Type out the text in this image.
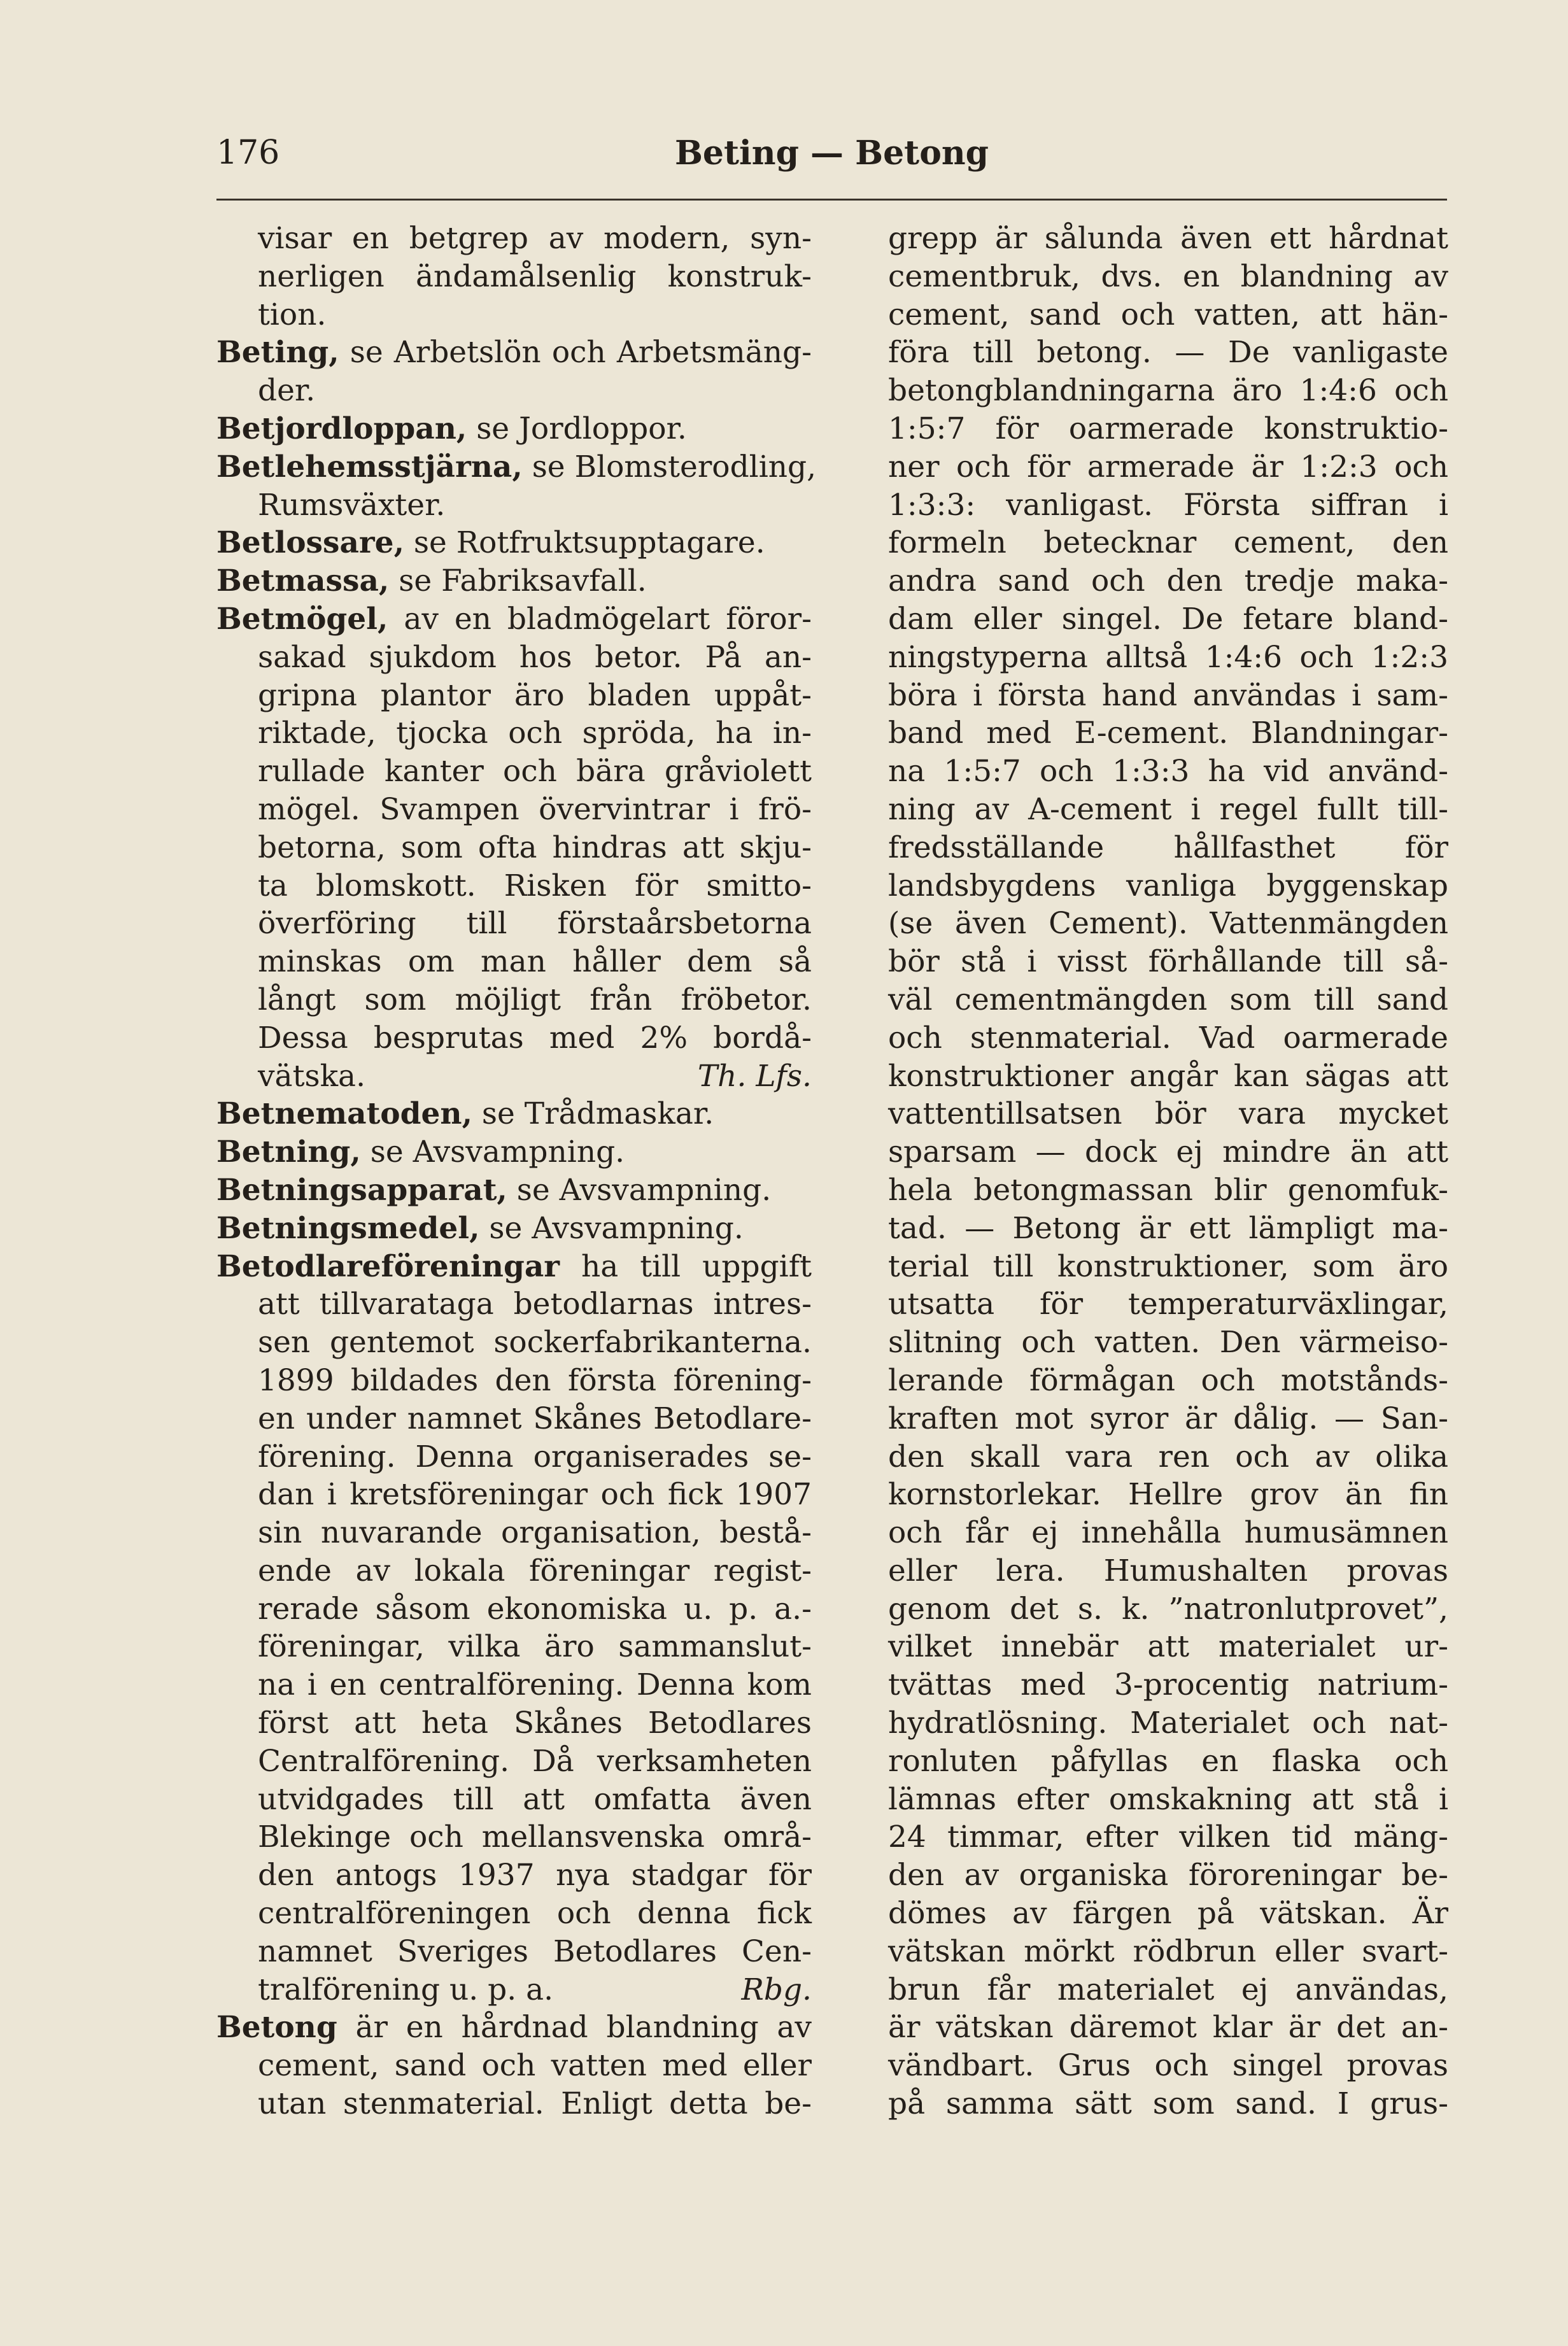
176	Beting — Betong
visar en betgrep av modern, syn-
nerligen ändamålsenlig konstruk-
tion.
Beting, se Arbetslön och Arbetsmäng-
der.
Betjordloppan, se Jordloppor.
Betlehemsstjärna, se Blomsterodling,
Rumsväxter.
Betlossare, se Rotfruktsupptagare.
Betmassa, se Fabriksavfall.
Betmögel, av en bladmögelart föror-
sakad sjukdom hos betor. På an-
gripna plantor äro bladen uppåt-
riktade, tjocka och spröda, ha in-
rullade kanter och bära gråviolett
mögel. Svampen övervintrar i frö-
betorna, som ofta hindras att skju-
ta blomskott. Risken för smitto-
överföring till förstaårsbetorna
minskas om man håller dem så
långt som möjligt från fröbetor.
Dessa besprutas med 2% bordå-
vätska.	Th. Lfs.
Betnematoden, se Trådmaskar.
Betning, se Avsvampning.
Betningsapparat, se Avsvampning.
Betningsmedel, se Avsvampning.
Betodlareföreningar ha till uppgift
att tillvaratagа betodlarnas intres-
sen gentemot sockerfabrikanterna.
1899 bildades den första förening-
en under namnet Skånes Betodlare-
förening. Denna organiserades se-
dan i kretsföreningar och fick 1907
sin nuvarande organisation, bestå-
ende av lokala föreningar regist-
rerade såsom ekonomiska u. p. a.-
föreningar, vilka äro sammanslut-
na i en centralförening. Denna kom
först att heta Skånes Betodlares
Centralförening. Då verksamheten
utvidgades till att omfatta även
Blekinge och mellansvenska områ-
den antogs 1937 nya stadgar för
centralföreningen och denna fick
namnet Sveriges Betodlares Cen-
tralförening u. p. a.	Rbg.
Betong är en hårdnad blandning av
cement, sand och vatten med eller
utan stenmaterial. Enligt detta be-
grepp är sålunda även ett hårdnat
cementbruk, dvs. en blandning av
cement, sand och vatten, att hän-
föra till betong. — De vanligaste
betongblandningarna äro 1:4:6 och
1:5:7 för oarmerade konstruktio-
ner och för armerade är 1:2:3 och
1:3:3: vanligast. Första siffran i
formeln betecknar cement, den
andra sand och den tredje maka-
dam eller singel. De fetare bland-
ningstyperna alltså 1:4:6 och 1:2:3
böra i första hand användas i sam-
band med E-cement. Blandningar-
na 1:5:7 och 1:3:3 ha vid använd-
ning av A-cement i regel fullt till-
fredsställande hållfasthet för
landsbygdens vanliga byggenskap
(se även Cement). Vattenmängden
bör stå i visst förhållande till så-
väl cementmängden som till sand
och stenmaterial. Vad oarmerade
konstruktioner angår kan sägas att
vattentillsatsen bör vara mycket
sparsam — dock ej mindre än att
hela betongmassan blir genomfuk-
tad. — Betong är ett lämpligt ma-
terial till konstruktioner, som äro
utsatta för temperaturväxlingar,
slitning och vatten. Den värmeiso-
lerande förmågan och motstånds-
kraften mot syror är dålig. — San-
den skall vara ren och av olika
kornstorlekar. Hellre grov än fin
och får ej innehålla humusämnen
eller lera. Humushalten provas
genom det s. k. ”natronlutprovet”,
vilket innebär att materialet ur-
tvättas med 3-procentig natrium-
hydratlösning. Materialet och nat-
ronluten påfyllas en flaska och
lämnas efter omskakning att stå i
24 timmar, efter vilken tid mäng-
den av organiska föroreningar be-
dömes av färgen på vätskan. Är
vätskan mörkt rödbrun eller svart-
brun får materialet ej användas,
är vätskan däremot klar är det an-
vändbart. Grus och singel provas
på samma sätt som sand. I grus-
